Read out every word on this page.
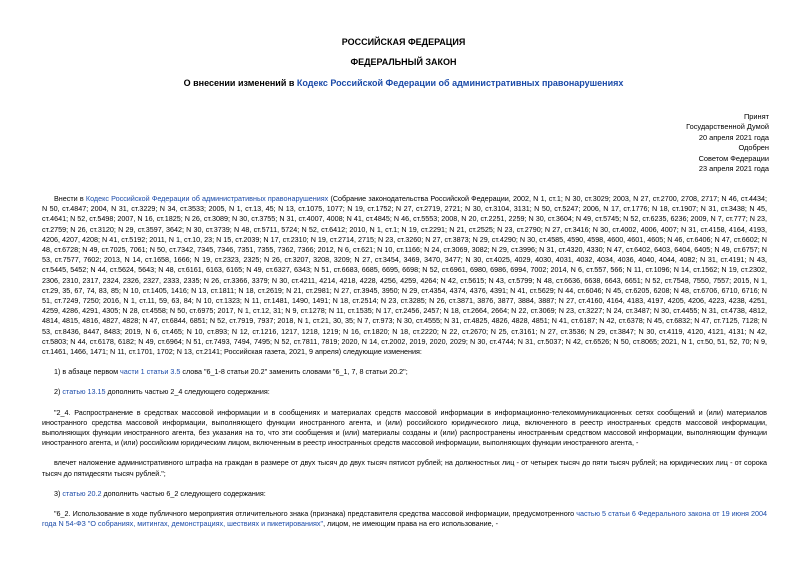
РОССИЙСКАЯ ФЕДЕРАЦИЯ
ФЕДЕРАЛЬНЫЙ ЗАКОН
О внесении изменений в Кодекс Российской Федерации об административных правонарушениях
Принят
Государственной Думой
20 апреля 2021 года
Одобрен
Советом Федерации
23 апреля 2021 года

Внести в Кодекс Российской Федерации об административных правонарушениях (Собрание законодательства Российской Федерации, 2002, N 1, ст.1; N 30, ст.3029; 2003, N 27, ст.2700, 2708, 2717; N 46, ст.4434; N 50, ст.4847; 2004, N 31, ст.3229; N 34, ст.3533; 2005, N 1, ст.13, 45; N 13, ст.1075, 1077; N 19, ст.1752; N 27, ст.2719, 2721; N 30, ст.3104, 3131; N 50, ст.5247; 2006, N 17, ст.1776; N 18, ст.1907; N 31, ст.3438; N 45, ст.4641; N 52, ст.5498; 2007, N 16, ст.1825; N 26, ст.3089; N 30, ст.3755; N 31, ст.4007, 4008; N 41, ст.4845; N 46, ст.5553; 2008, N 20, ст.2251, 2259; N 30, ст.3604; N 49, ст.5745; N 52, ст.6235, 6236; 2009, N 7, ст.777; N 23, ст.2759; N 26, ст.3120; N 29, ст.3597, 3642; N 30, ст.3739; N 48, ст.5711, 5724; N 52, ст.6412; 2010, N 1, ст.1; N 19, ст.2291; N 21, ст.2525; N 23, ст.2790; N 27, ст.3416; N 30, ст.4002, 4006, 4007; N 31, ст.4158, 4164, 4193, 4206, 4207, 4208; N 41, ст.5192; 2011, N 1, ст.10, 23; N 15, ст.2039; N 17, ст.2310; N 19, ст.2714, 2715; N 23, ст.3260; N 27, ст.3873; N 29, ст.4290; N 30, ст.4585, 4590, 4598, 4600, 4601, 4605; N 46, ст.6406; N 47, ст.6602; N 48, ст.6728; N 49, ст.7025, 7061; N 50, ст.7342, 7345, 7346, 7351, 7355, 7362, 7366; 2012, N 6, ст.621; N 10, ст.1166; N 24, ст.3069, 3082; N 29, ст.3996; N 31, ст.4320, 4330; N 47, ст.6402, 6403, 6404, 6405; N 49, ст.6757; N 53, ст.7577, 7602; 2013, N 14, ст.1658, 1666; N 19, ст.2323, 2325; N 26, ст.3207, 3208, 3209; N 27, ст.3454, 3469, 3470, 3477; N 30, ст.4025, 4029, 4030, 4031, 4032, 4034, 4036, 4040, 4044, 4082; N 31, ст.4191; N 43, ст.5445, 5452; N 44, ст.5624, 5643; N 48, ст.6161, 6163, 6165; N 49, ст.6327, 6343; N 51, ст.6683, 6685, 6695, 6698; N 52, ст.6961, 6980, 6986, 6994, 7002; 2014, N 6, ст.557, 566; N 11, ст.1096; N 14, ст.1562; N 19, ст.2302, 2306, 2310, 2317, 2324, 2326, 2327, 2333, 2335; N 26, ст.3366, 3379; N 30, ст.4211, 4214, 4218, 4228, 4256, 4259, 4264; N 42, ст.5615; N 43, ст.5799; N 48, ст.6636, 6638, 6643, 6651; N 52, ст.7548, 7550, 7557; 2015, N 1, ст.29, 35, 67, 74, 83, 85; N 10, ст.1405, 1416; N 13, ст.1811; N 18, ст.2619; N 21, ст.2981; N 27, ст.3945, 3950; N 29, ст.4354, 4374, 4376, 4391; N 41, ст.5629; N 44, ст.6046; N 45, ст.6205, 6208; N 48, ст.6706, 6710, 6716; N 51, ст.7249, 7250; 2016, N 1, ст.11, 59, 63, 84; N 10, ст.1323; N 11, ст.1481, 1490, 1491; N 18, ст.2514; N 23, ст.3285; N 26, ст.3871, 3876, 3877, 3884, 3887; N 27, ст.4160, 4164, 4183, 4197, 4205, 4206, 4223, 4238, 4251, 4259, 4286, 4291, 4305; N 28, ст.4558; N 50, ст.6975; 2017, N 1, ст.12, 31; N 9, ст.1278; N 11, ст.1535; N 17, ст.2456, 2457; N 18, ст.2664, 2664; N 22, ст.3069; N 23, ст.3227; N 24, ст.3487; N 30, ст.4455; N 31, ст.4738, 4812, 4814, 4815, 4816, 4827, 4828; N 47, ст.6844, 6851; N 52, ст.7919, 7937; 2018, N 1, ст.21, 30, 35; N 7, ст.973; N 30, ст.4555; N 31, ст.4825, 4826, 4828, 4851; N 41, ст.6187; N 42, ст.6378; N 45, ст.6832; N 47, ст.7125, 7128; N 53, ст.8436, 8447, 8483; 2019, N 6, ст.465; N 10, ст.893; N 12, ст.1216, 1217, 1218, 1219; N 16, ст.1820; N 18, ст.2220; N 22, ст.2670; N 25, ст.3161; N 27, ст.3536; N 29, ст.3847; N 30, ст.4119, 4120, 4121, 4131; N 42, ст.5803; N 44, ст.6178, 6182; N 49, ст.6964; N 51, ст.7493, 7494, 7495; N 52, ст.7811, 7819; 2020, N 14, ст.2002, 2019, 2020, 2029; N 30, ст.4744; N 31, ст.5037; N 42, ст.6526; N 50, ст.8065; 2021, N 1, ст.50, 51, 52, 70; N 9, ст.1461, 1466, 1471; N 11, ст.1701, 1702; N 13, ст.2141; Российская газета, 2021, 9 апреля) следующие изменения:

1) в абзаце первом части 1 статьи 3.5 слова "6_1-8 статьи 20.2" заменить словами "6_1, 7, 8 статьи 20.2";

2) статью 13.15 дополнить частью 2_4 следующего содержания:

"2_4. Распространение в средствах массовой информации и в сообщениях и материалах средств массовой информации в информационно-телекоммуникационных сетях сообщений и (или) материалов иностранного средства массовой информации, выполняющего функции иностранного агента, и (или) российского юридического лица, включенного в реестр иностранных средств массовой информации, выполняющих функции иностранного агента, без указания на то, что эти сообщения и (или) материалы созданы и (или) распространены иностранным средством массовой информации, выполняющим функции иностранного агента, и (или) российским юридическим лицом, включенным в реестр иностранных средств массовой информации, выполняющих функции иностранного агента, -

влечет наложение административного штрафа на граждан в размере от двух тысяч до двух тысяч пятисот рублей; на должностных лиц - от четырех тысяч до пяти тысяч рублей; на юридических лиц - от сорока тысяч до пятидесяти тысяч рублей.";

3) статью 20.2 дополнить частью 6_2 следующего содержания:

"6_2. Использование в ходе публичного мероприятия отличительного знака (признака) представителя средства массовой информации, предусмотренного частью 5 статьи 6 Федерального закона от 19 июня 2004 года N 54-ФЗ "О собраниях, митингах, демонстрациях, шествиях и пикетированиях", лицом, не имеющим права на его использование, -
